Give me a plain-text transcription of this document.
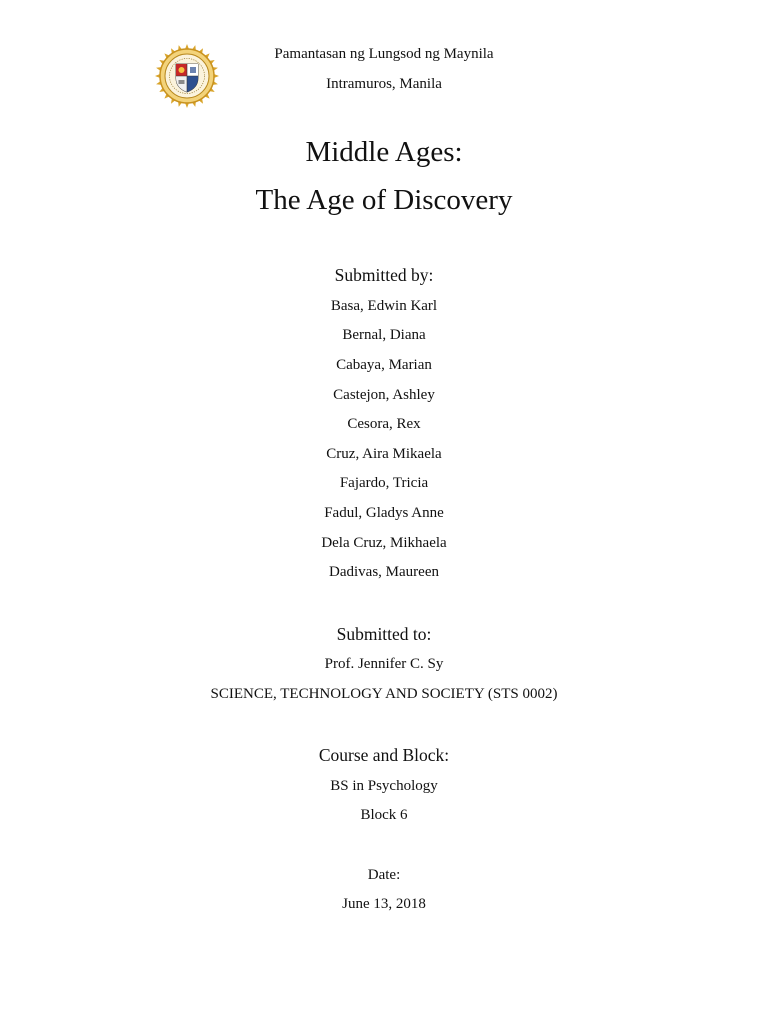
Pamantasan ng Lungsod ng Maynila
Intramuros, Manila
Middle Ages:
The Age of Discovery
Submitted by:
Basa, Edwin Karl
Bernal, Diana
Cabaya, Marian
Castejon, Ashley
Cesora, Rex
Cruz, Aira Mikaela
Fajardo, Tricia
Fadul, Gladys Anne
Dela Cruz, Mikhaela
Dadivas, Maureen
Submitted to:
Prof. Jennifer C. Sy
SCIENCE, TECHNOLOGY AND SOCIETY (STS 0002)
Course and Block:
BS in Psychology
Block 6
Date:
June 13, 2018
